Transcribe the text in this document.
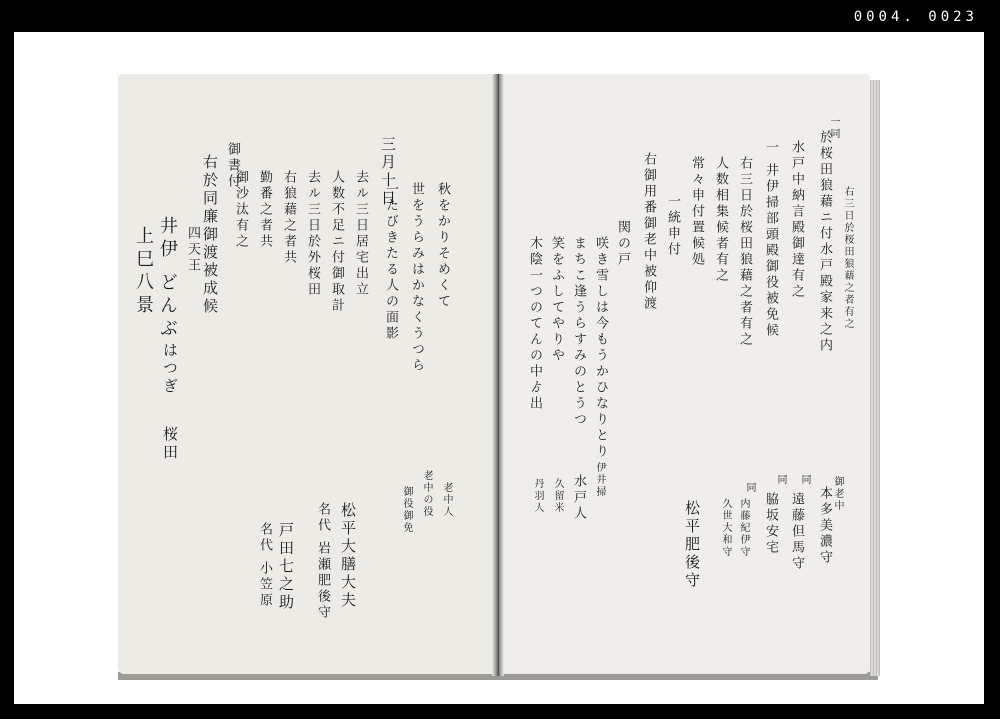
0004. 0023
秋をかりそめくて
世をうらみはかなくうつら
一たびきたる人の面影
老中人
老中の役
御役御免
三月十日
去ル三日居宅出立
人数不足ニ付御取計
去ル三日於外桜田
右狼藉之者共
勤番之者共
御沙汰有之
松平大膳大夫
名代 岩瀬肥後守
戸田七之助
名代 小笠原
御書付
右於同廉御渡被成候
四天王
井伊 どんぶ
はつぎ
桜田
上巳八景
一同
於桜田狼藉ニ付水戸殿家来之内
水戸中納言殿御達有之
一 井伊掃部頭殿御役被免候	右三日於桜田狼藉之者有之
右三日於桜田狼藉之者有之
人数相集候者有之
常々申付置候処
一統申付
右御用番御老中被仰渡
関の戸
咲き雪しは今もうかひなりとり
まちこ逢うらすみのとうつ
笑をふしてやりや
木陰一つのてんの中ゟ出
伊井掃
水戸人
久留米
丹羽人
松平肥後守
御老中
本多美濃守
同
遠藤但馬守
同
脇坂安宅
同
内藤紀伊守
久世大和守
